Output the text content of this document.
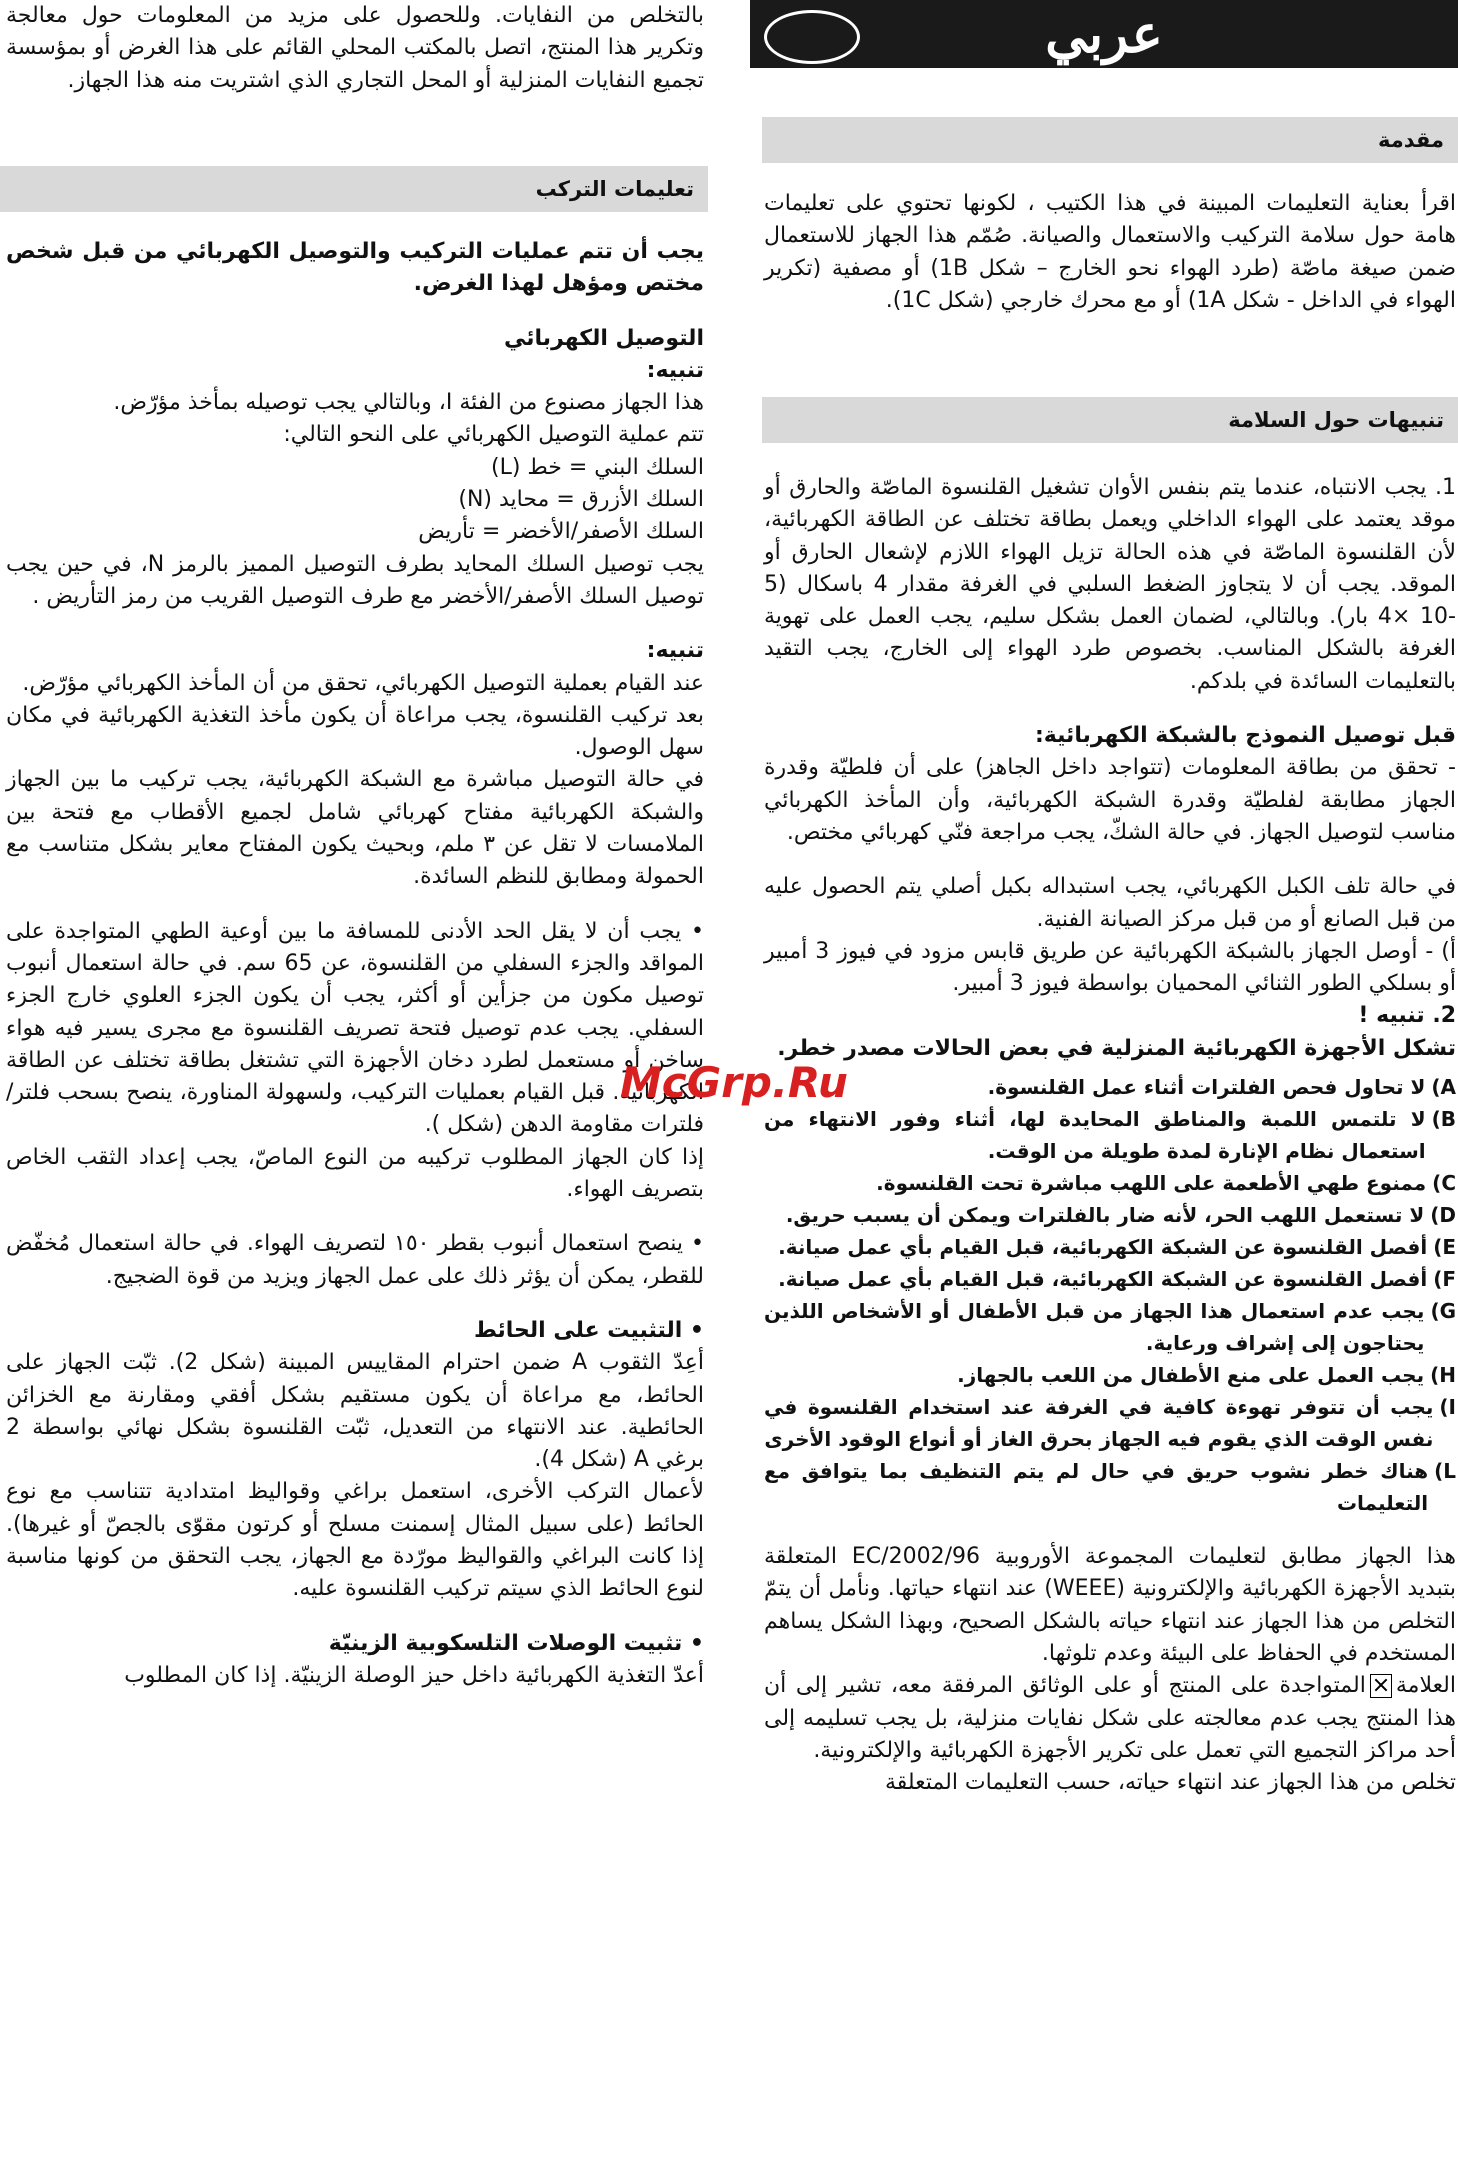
عربي
مقدمة

اقرأ بعناية التعليمات المبينة في هذا الكتيب ، لكونها تحتوي على تعليمات هامة حول سلامة التركيب والاستعمال والصيانة. صُمّم هذا الجهاز للاستعمال ضمن صيغة ماصّة (طرد الهواء نحو الخارج – شكل 1B) أو مصفية (تكرير الهواء في الداخل - شكل 1A) أو مع محرك خارجي (شكل 1C).

تنبيهات حول السلامة

1. يجب الانتباه، عندما يتم بنفس الأوان تشغيل القلنسوة الماصّة والحارق أو موقد يعتمد على الهواء الداخلي ويعمل بطاقة تختلف عن الطاقة الكهربائية، لأن القلنسوة الماصّة في هذه الحالة تزيل الهواء اللازم لإشعال الحارق أو الموقد. يجب أن لا يتجاوز الضغط السلبي في الغرفة مقدار 4 باسكال (5 -10 ×4 بار). وبالتالي، لضمان العمل بشكل سليم، يجب العمل على تهوية الغرفة بالشكل المناسب. بخصوص طرد الهواء إلى الخارج، يجب التقيد بالتعليمات السائدة في بلدكم.

قبل توصيل النموذج بالشبكة الكهربائية:

- تحقق من بطاقة المعلومات (تتواجد داخل الجاهز) على أن فلطيّة وقدرة الجهاز مطابقة لفلطيّة وقدرة الشبكة الكهربائية، وأن المأخذ الكهربائي مناسب لتوصيل الجهاز. في حالة الشكّ، يجب مراجعة فنّي كهربائي مختص.

في حالة تلف الكبل الكهربائي، يجب استبداله بكبل أصلي يتم الحصول عليه من قبل الصانع أو من قبل مركز الصيانة الفنية.

أ) - أوصل الجهاز بالشبكة الكهربائية عن طريق قابس مزود في فيوز 3 أمبير أو بسلكي الطور الثنائي المحميان بواسطة فيوز 3 أمبير.

2. تنبيه !

تشكل الأجهزة الكهربائية المنزلية في بعض الحالات مصدر خطر.

A)
لا تحاول فحص الفلترات أثناء عمل القلنسوة.
B)
لا تلتمس اللمبة والمناطق المحايدة لها، أثناء وفور الانتهاء من استعمال نظام الإنارة لمدة طويلة من الوقت.
C)
ممنوع طهي الأطعمة على اللهب مباشرة تحت القلنسوة.
D)
لا تستعمل اللهب الحر، لأنه ضار بالفلترات ويمكن أن يسبب حريق.
E)
أفصل القلنسوة عن الشبكة الكهربائية، قبل القيام بأي عمل صيانة.
F)
أفصل القلنسوة عن الشبكة الكهربائية، قبل القيام بأي عمل صيانة.
G)
يجب عدم استعمال هذا الجهاز من قبل الأطفال أو الأشخاص اللذين يحتاجون إلى إشراف ورعاية.
H)
يجب العمل على منع الأطفال من اللعب بالجهاز.
I)
يجب أن تتوفر تهوءة كافية في الغرفة عند استخدام القلنسوة في نفس الوقت الذي يقوم فيه الجهاز بحرق الغاز أو أنواع الوقود الأخرى
L)
هناك خطر نشوب حريق في حال لم يتم التنظيف بما يتوافق مع التعليمات

هذا الجهاز مطابق لتعليمات المجموعة الأوروبية 2002/96/EC المتعلقة بتبديد الأجهزة الكهربائية والإلكترونية (WEEE) عند انتهاء حياتها. ونأمل أن يتمّ التخلص من هذا الجهاز عند انتهاء حياته بالشكل الصحيح، وبهذا الشكل يساهم المستخدم في الحفاظ على البيئة وعدم تلوثها.

العلامةالمتواجدة على المنتج أو على الوثائق المرفقة معه، تشير إلى أن هذا المنتج يجب عدم معالجته على شكل نفايات منزلية، بل يجب تسليمه إلى أحد مراكز التجميع التي تعمل على تكرير الأجهزة الكهربائية والإلكترونية.

تخلص من هذا الجهاز عند انتهاء حياته، حسب التعليمات المتعلقة

بالتخلص من النفايات. وللحصول على مزيد من المعلومات حول معالجة وتكرير هذا المنتج، اتصل بالمكتب المحلي القائم على هذا الغرض أو بمؤسسة تجميع النفايات المنزلية أو المحل التجاري الذي اشتريت منه هذا الجهاز.

تعليمات التركب

يجب أن تتم عمليات التركيب والتوصيل الكهربائي من قبل شخص مختص ومؤهل لهذا الغرض.

التوصيل الكهربائي

تنبيه:

هذا الجهاز مصنوع من الفئة I، وبالتالي يجب توصيله بمأخذ مؤرّض.

تتم عملية التوصيل الكهربائي على النحو التالي:

السلك البني = خط (L)

السلك الأزرق = محايد (N)

السلك الأصفر/الأخضر = تأريض

يجب توصيل السلك المحايد بطرف التوصيل المميز بالرمز N، في حين يجب توصيل السلك الأصفر/الأخضر مع طرف التوصيل القريب من رمز التأريض .

تنبيه:

عند القيام بعملية التوصيل الكهربائي، تحقق من أن المأخذ الكهربائي مؤرّض.

بعد تركيب القلنسوة، يجب مراعاة أن يكون مأخذ التغذية الكهربائية في مكان سهل الوصول.

في حالة التوصيل مباشرة مع الشبكة الكهربائية، يجب تركيب ما بين الجهاز والشبكة الكهربائية مفتاح كهربائي شامل لجميع الأقطاب مع فتحة بين الملامسات لا تقل عن ٣ ملم، وبحيث يكون المفتاح معاير بشكل متناسب مع الحمولة ومطابق للنظم السائدة.

• يجب أن لا يقل الحد الأدنى للمسافة ما بين أوعية الطهي المتواجدة على المواقد والجزء السفلي من القلنسوة، عن 65 سم. في حالة استعمال أنبوب توصيل مكون من جزأين أو أكثر، يجب أن يكون الجزء العلوي خارج الجزء السفلي. يجب عدم توصيل فتحة تصريف القلنسوة مع مجرى يسير فيه هواء ساخن أو مستعمل لطرد دخان الأجهزة التي تشتغل بطاقة تختلف عن الطاقة الكهربائية. قبل القيام بعمليات التركيب، ولسهولة المناورة، ينصح بسحب فلتر/فلترات مقاومة الدهن (شكل ).

إذا كان الجهاز المطلوب تركيبه من النوع الماصّ، يجب إعداد الثقب الخاص بتصريف الهواء.

• ينصح استعمال أنبوب بقطر ١٥٠ لتصريف الهواء. في حالة استعمال مُخفّض للقطر، يمكن أن يؤثر ذلك على عمل الجهاز ويزيد من قوة الضجيج.

• التثبيت على الحائط

أعِدّ الثقوب A ضمن احترام المقاييس المبينة (شكل 2). ثبّت الجهاز على الحائط، مع مراعاة أن يكون مستقيم بشكل أفقي ومقارنة مع الخزائن الحائطية. عند الانتهاء من التعديل، ثبّت القلنسوة بشكل نهائي بواسطة 2 برغي A (شكل 4).

لأعمال التركب الأخرى، استعمل براغي وقواليظ امتدادية تتناسب مع نوع الحائط (على سبيل المثال إسمنت مسلح أو كرتون مقوّى بالجصّ أو غيرها). إذا كانت البراغي والقواليظ مورّدة مع الجهاز، يجب التحقق من كونها مناسبة لنوع الحائط الذي سيتم تركيب القلنسوة عليه.

• تثبيت الوصلات التلسكوبية الزينيّة

أعدّ التغذية الكهربائية داخل حيز الوصلة الزينيّة. إذا كان المطلوب

McGrp.Ru
